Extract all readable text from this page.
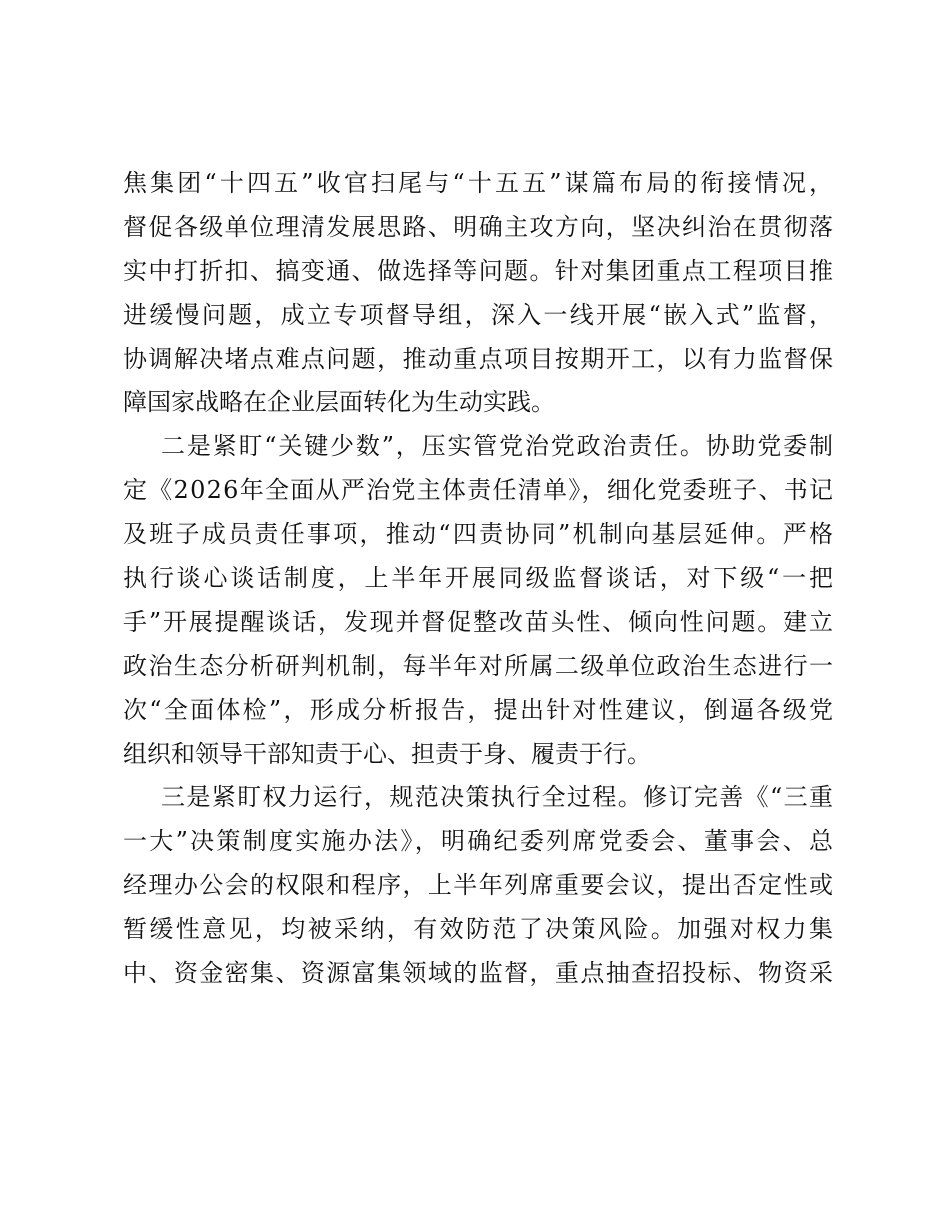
焦集团“十四五”收官扫尾与“十五五”谋篇布局的衔接情况，
督促各级单位理清发展思路、明确主攻方向，坚决纠治在贯彻落
实中打折扣、搞变通、做选择等问题。针对集团重点工程项目推
进缓慢问题，成立专项督导组，深入一线开展“嵌入式”监督，
协调解决堵点难点问题，推动重点项目按期开工，以有力监督保
障国家战略在企业层面转化为生动实践。
二是紧盯“关键少数”，压实管党治党政治责任。协助党委制
定《2026年全面从严治党主体责任清单》，细化党委班子、书记
及班子成员责任事项，推动“四责协同”机制向基层延伸。严格
执行谈心谈话制度，上半年开展同级监督谈话，对下级“一把
手”开展提醒谈话，发现并督促整改苗头性、倾向性问题。建立
政治生态分析研判机制，每半年对所属二级单位政治生态进行一
次“全面体检”，形成分析报告，提出针对性建议，倒逼各级党
组织和领导干部知责于心、担责于身、履责于行。
三是紧盯权力运行，规范决策执行全过程。修订完善《“三重
一大”决策制度实施办法》，明确纪委列席党委会、董事会、总
经理办公会的权限和程序，上半年列席重要会议，提出否定性或
暂缓性意见，均被采纳，有效防范了决策风险。加强对权力集
中、资金密集、资源富集领域的监督，重点抽查招投标、物资采
